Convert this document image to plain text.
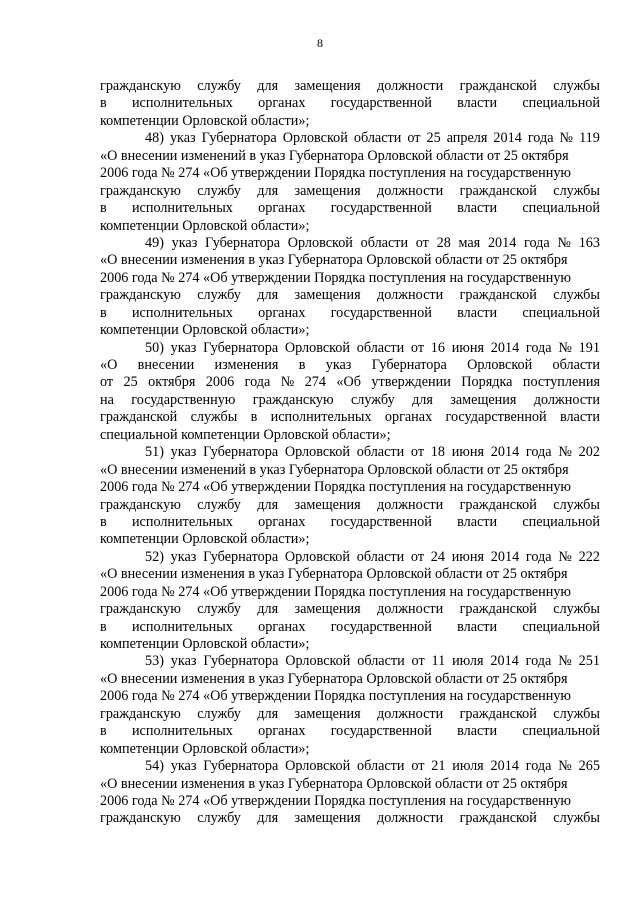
8
гражданскую службу для замещения должности гражданской службы
в исполнительных органах государственной власти специальной
компетенции Орловской области»;
48) указ Губернатора Орловской области от 25 апреля 2014 года № 119
«О внесении изменений в указ Губернатора Орловской области от 25 октября
2006 года № 274 «Об утверждении Порядка поступления на государственную
гражданскую службу для замещения должности гражданской службы
в исполнительных органах государственной власти специальной
компетенции Орловской области»;
49) указ Губернатора Орловской области от 28 мая 2014 года № 163
«О внесении изменения в указ Губернатора Орловской области от 25 октября
2006 года № 274 «Об утверждении Порядка поступления на государственную
гражданскую службу для замещения должности гражданской службы
в исполнительных органах государственной власти специальной
компетенции Орловской области»;
50) указ Губернатора Орловской области от 16 июня 2014 года № 191
«О внесении изменения в указ Губернатора Орловской области
от 25 октября 2006 года № 274 «Об утверждении Порядка поступления
на государственную гражданскую службу для замещения должности
гражданской службы в исполнительных органах государственной власти
специальной компетенции Орловской области»;
51) указ Губернатора Орловской области от 18 июня 2014 года № 202
«О внесении изменений в указ Губернатора Орловской области от 25 октября
2006 года № 274 «Об утверждении Порядка поступления на государственную
гражданскую службу для замещения должности гражданской службы
в исполнительных органах государственной власти специальной
компетенции Орловской области»;
52) указ Губернатора Орловской области от 24 июня 2014 года № 222
«О внесении изменения в указ Губернатора Орловской области от 25 октября
2006 года № 274 «Об утверждении Порядка поступления на государственную
гражданскую службу для замещения должности гражданской службы
в исполнительных органах государственной власти специальной
компетенции Орловской области»;
53) указ Губернатора Орловской области от 11 июля 2014 года № 251
«О внесении изменения в указ Губернатора Орловской области от 25 октября
2006 года № 274 «Об утверждении Порядка поступления на государственную
гражданскую службу для замещения должности гражданской службы
в исполнительных органах государственной власти специальной
компетенции Орловской области»;
54) указ Губернатора Орловской области от 21 июля 2014 года № 265
«О внесении изменения в указ Губернатора Орловской области от 25 октября
2006 года № 274 «Об утверждении Порядка поступления на государственную
гражданскую службу для замещения должности гражданской службы
